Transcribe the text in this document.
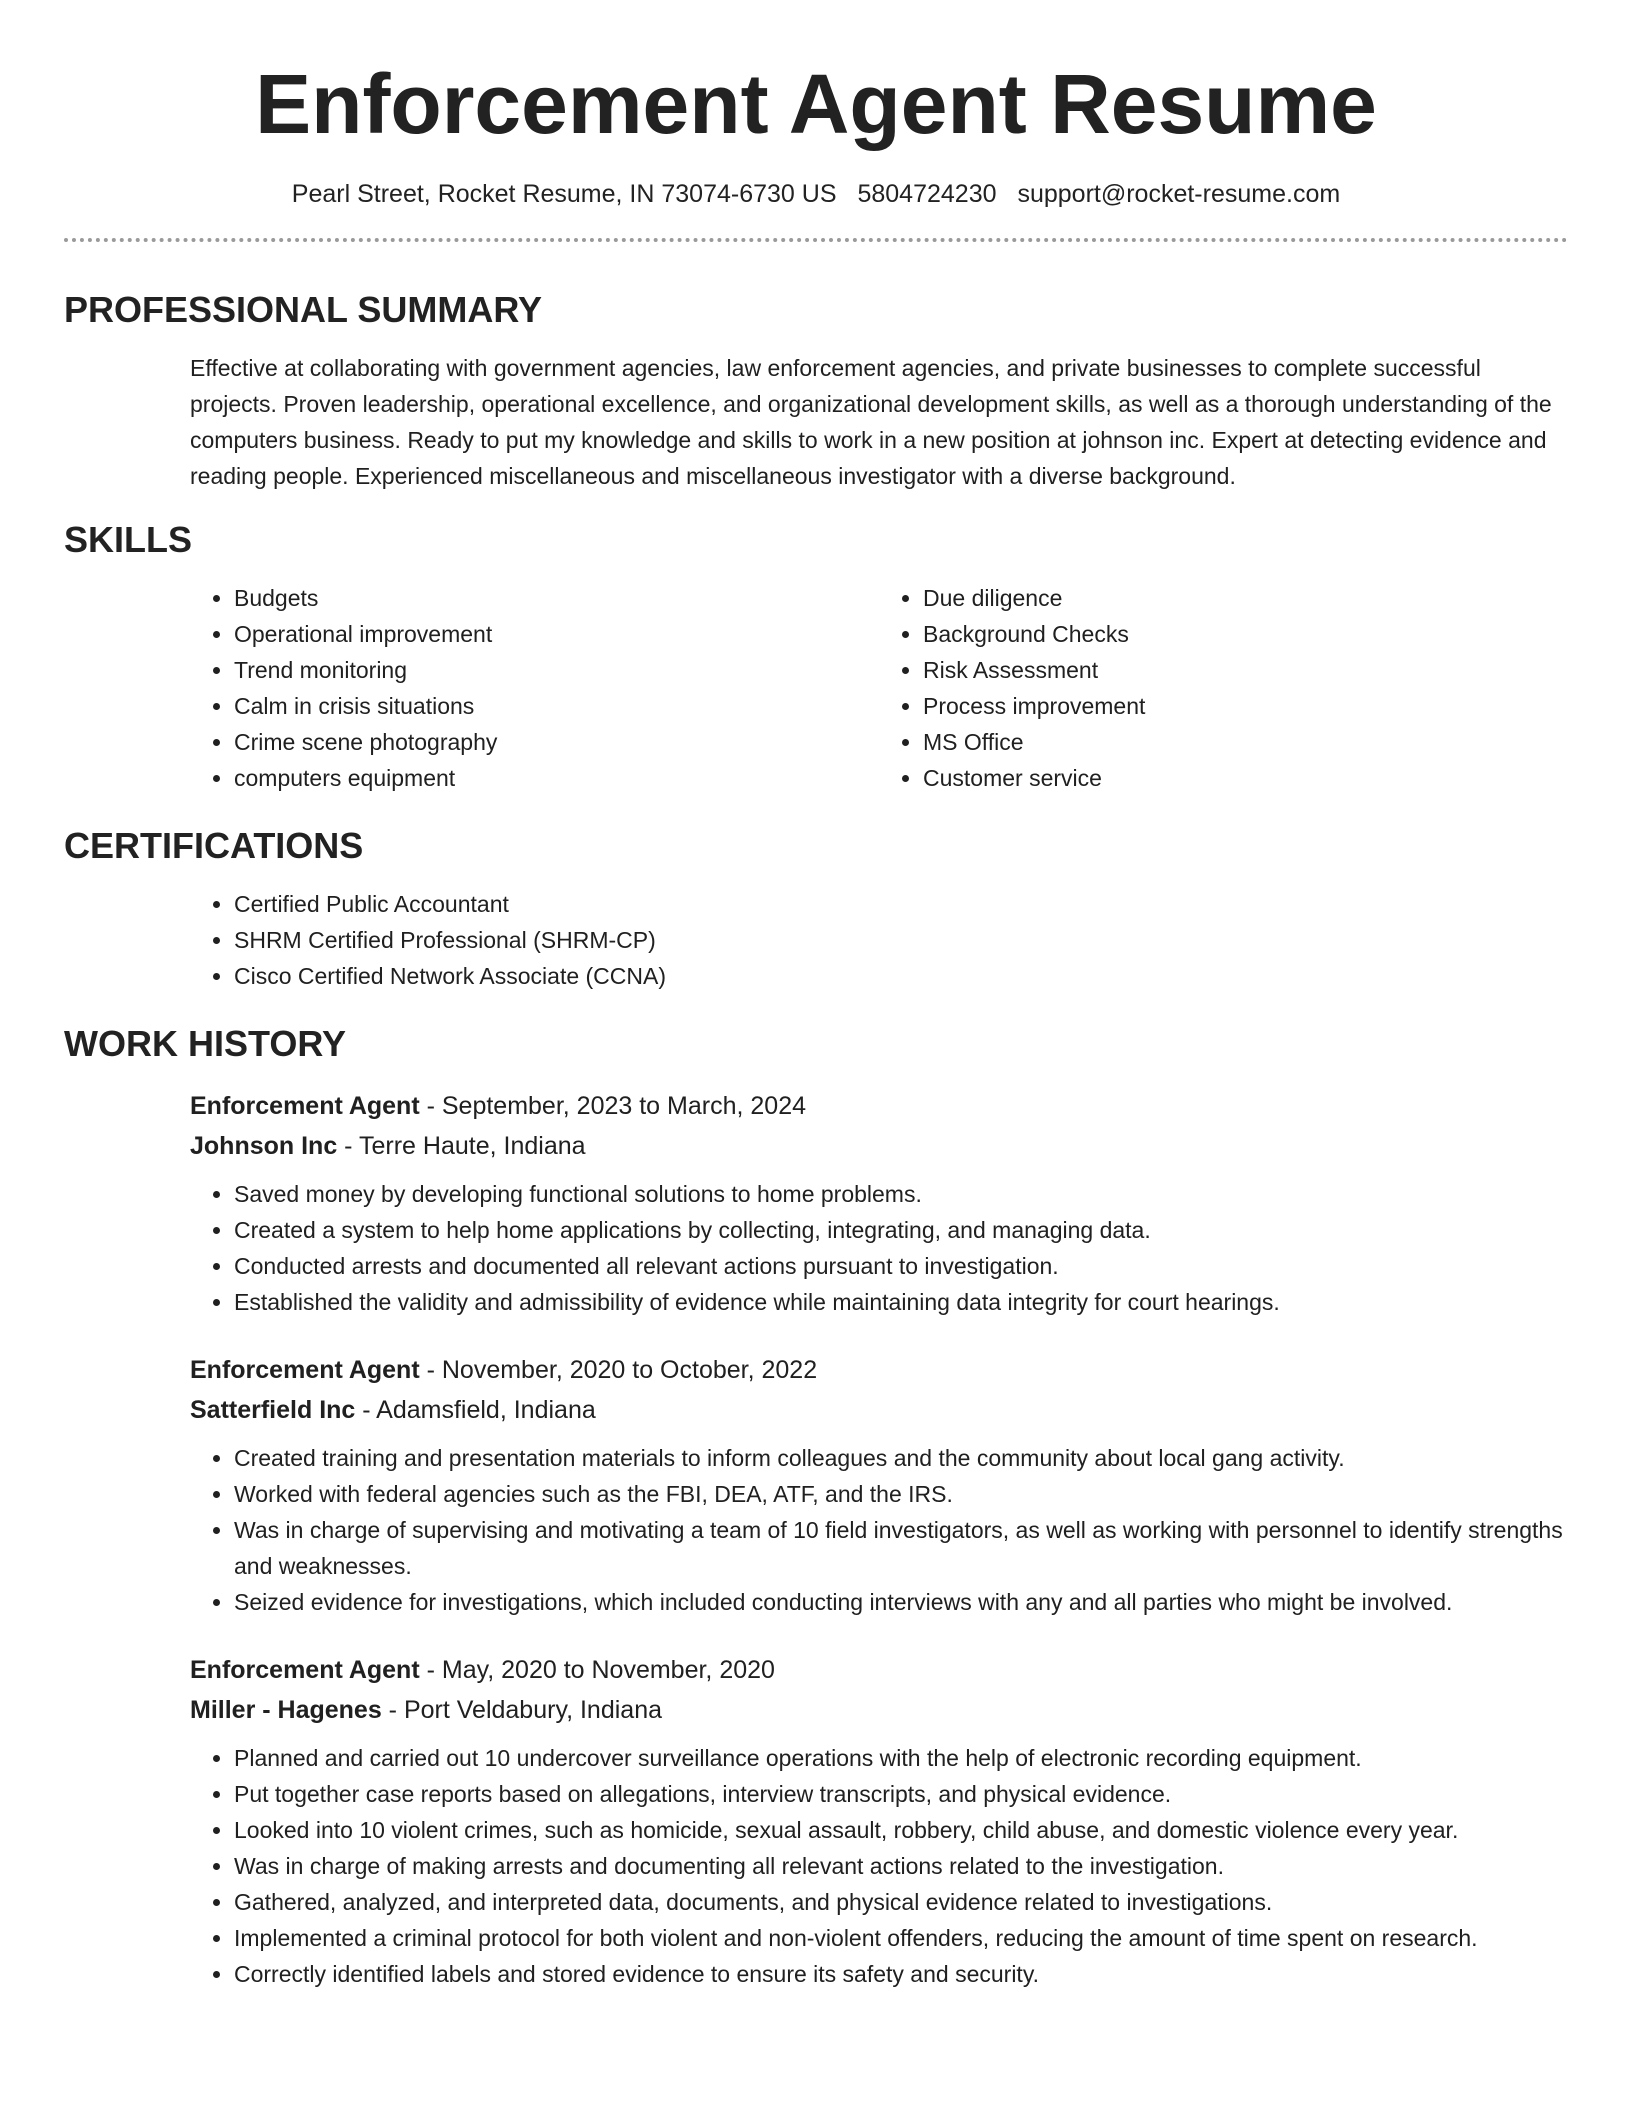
Enforcement Agent Resume
Pearl Street, Rocket Resume, IN 73074-6730 US 5804724230 support@rocket-resume.com
PROFESSIONAL SUMMARY

Effective at collaborating with government agencies, law enforcement agencies, and private businesses to complete successful projects. Proven leadership, operational excellence, and organizational development skills, as well as a thorough understanding of the computers business. Ready to put my knowledge and skills to work in a new position at johnson inc. Expert at detecting evidence and reading people. Experienced miscellaneous and miscellaneous investigator with a diverse background.

SKILLS
• Budgets
• Operational improvement
• Trend monitoring
• Calm in crisis situations
• Crime scene photography
• computers equipment
• Due diligence
• Background Checks
• Risk Assessment
• Process improvement
• MS Office
• Customer service
CERTIFICATIONS
• Certified Public Accountant
• SHRM Certified Professional (SHRM-CP)
• Cisco Certified Network Associate (CCNA)
WORK HISTORY
Enforcement Agent - September, 2023 to March, 2024
Johnson Inc - Terre Haute, Indiana
• Saved money by developing functional solutions to home problems.
• Created a system to help home applications by collecting, integrating, and managing data.
• Conducted arrests and documented all relevant actions pursuant to investigation.
• Established the validity and admissibility of evidence while maintaining data integrity for court hearings.
Enforcement Agent - November, 2020 to October, 2022
Satterfield Inc - Adamsfield, Indiana
• Created training and presentation materials to inform colleagues and the community about local gang activity.
• Worked with federal agencies such as the FBI, DEA, ATF, and the IRS.
• Was in charge of supervising and motivating a team of 10 field investigators, as well as working with personnel to identify strengths and weaknesses.
• Seized evidence for investigations, which included conducting interviews with any and all parties who might be involved.
Enforcement Agent - May, 2020 to November, 2020
Miller - Hagenes - Port Veldabury, Indiana
• Planned and carried out 10 undercover surveillance operations with the help of electronic recording equipment.
• Put together case reports based on allegations, interview transcripts, and physical evidence.
• Looked into 10 violent crimes, such as homicide, sexual assault, robbery, child abuse, and domestic violence every year.
• Was in charge of making arrests and documenting all relevant actions related to the investigation.
• Gathered, analyzed, and interpreted data, documents, and physical evidence related to investigations.
• Implemented a criminal protocol for both violent and non-violent offenders, reducing the amount of time spent on research.
• Correctly identified labels and stored evidence to ensure its safety and security.
